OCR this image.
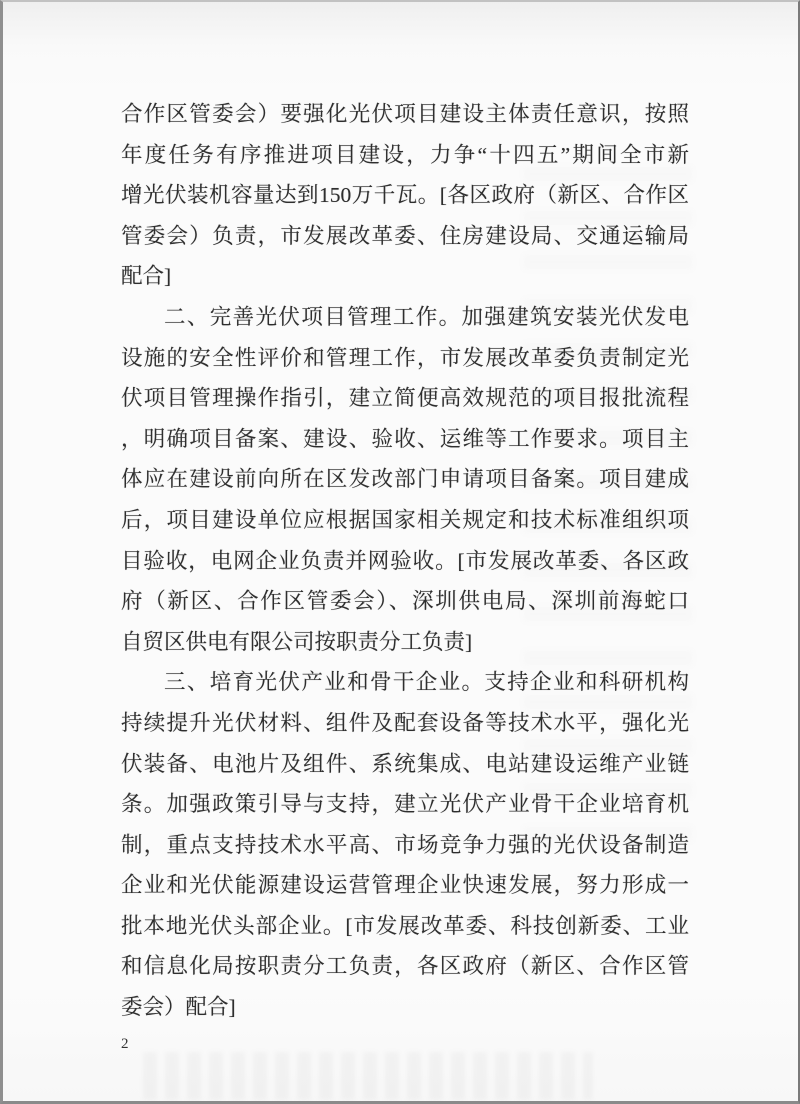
合作区管委会）要强化光伏项目建设主体责任意识，按照
年度任务有序推进项目建设，力争“十四五”期间全市新
增光伏装机容量达到150万千瓦。[各区政府（新区、合作区
管委会）负责，市发展改革委、住房建设局、交通运输局
配合]
二、完善光伏项目管理工作。加强建筑安装光伏发电
设施的安全性评价和管理工作，市发展改革委负责制定光
伏项目管理操作指引，建立简便高效规范的项目报批流程
，明确项目备案、建设、验收、运维等工作要求。项目主
体应在建设前向所在区发改部门申请项目备案。项目建成
后，项目建设单位应根据国家相关规定和技术标准组织项
目验收，电网企业负责并网验收。[市发展改革委、各区政
府（新区、合作区管委会）、深圳供电局、深圳前海蛇口
自贸区供电有限公司按职责分工负责]
三、培育光伏产业和骨干企业。支持企业和科研机构
持续提升光伏材料、组件及配套设备等技术水平，强化光
伏装备、电池片及组件、系统集成、电站建设运维产业链
条。加强政策引导与支持，建立光伏产业骨干企业培育机
制，重点支持技术水平高、市场竞争力强的光伏设备制造
企业和光伏能源建设运营管理企业快速发展，努力形成一
批本地光伏头部企业。[市发展改革委、科技创新委、工业
和信息化局按职责分工负责，各区政府（新区、合作区管
委会）配合]
2
